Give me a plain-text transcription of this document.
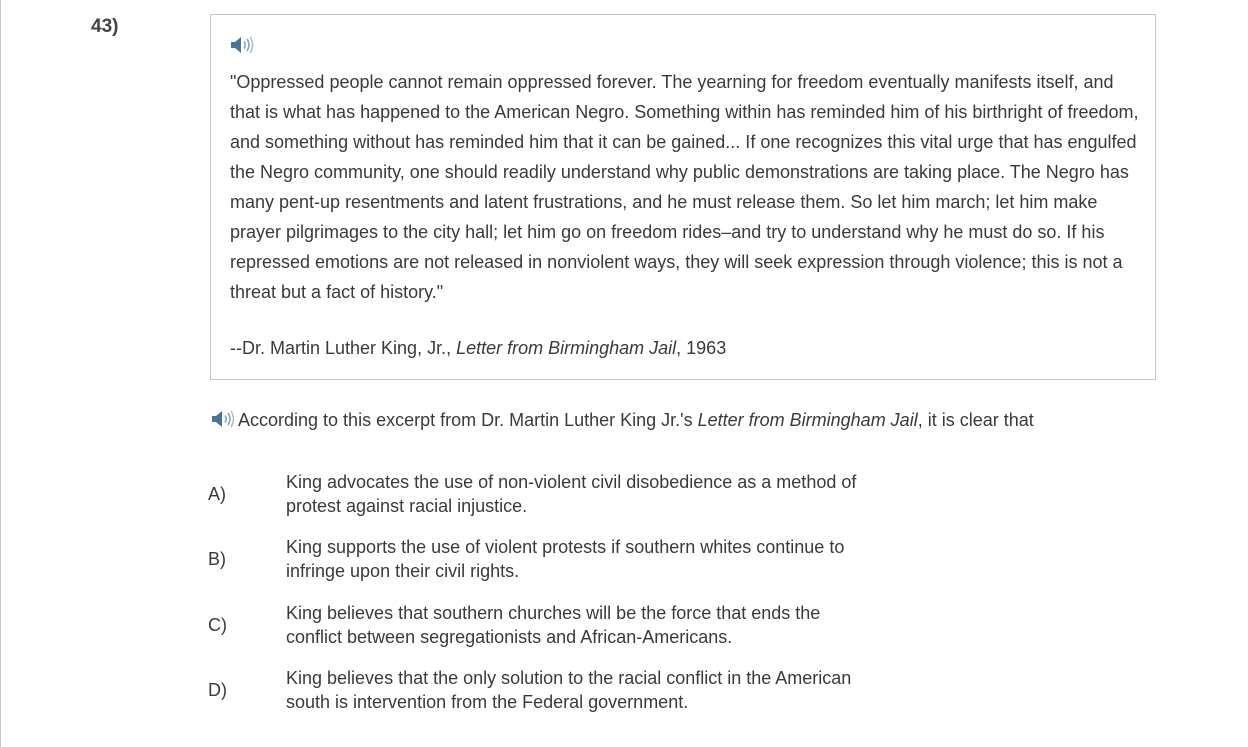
43)
"Oppressed people cannot remain oppressed forever. The yearning for freedom eventually manifests itself, and that is what has happened to the American Negro. Something within has reminded him of his birthright of freedom, and something without has reminded him that it can be gained... If one recognizes this vital urge that has engulfed the Negro community, one should readily understand why public demonstrations are taking place. The Negro has many pent-up resentments and latent frustrations, and he must release them. So let him march; let him make prayer pilgrimages to the city hall; let him go on freedom rides–and try to understand why he must do so. If his repressed emotions are not released in nonviolent ways, they will seek expression through violence; this is not a threat but a fact of history."
--Dr. Martin Luther King, Jr., Letter from Birmingham Jail, 1963
According to this excerpt from Dr. Martin Luther King Jr.'s Letter from Birmingham Jail, it is clear that
A)
King advocates the use of non-violent civil disobedience as a method of protest against racial injustice.
B)
King supports the use of violent protests if southern whites continue to infringe upon their civil rights.
C)
King believes that southern churches will be the force that ends the conflict between segregationists and African-Americans.
D)
King believes that the only solution to the racial conflict in the American south is intervention from the Federal government.
